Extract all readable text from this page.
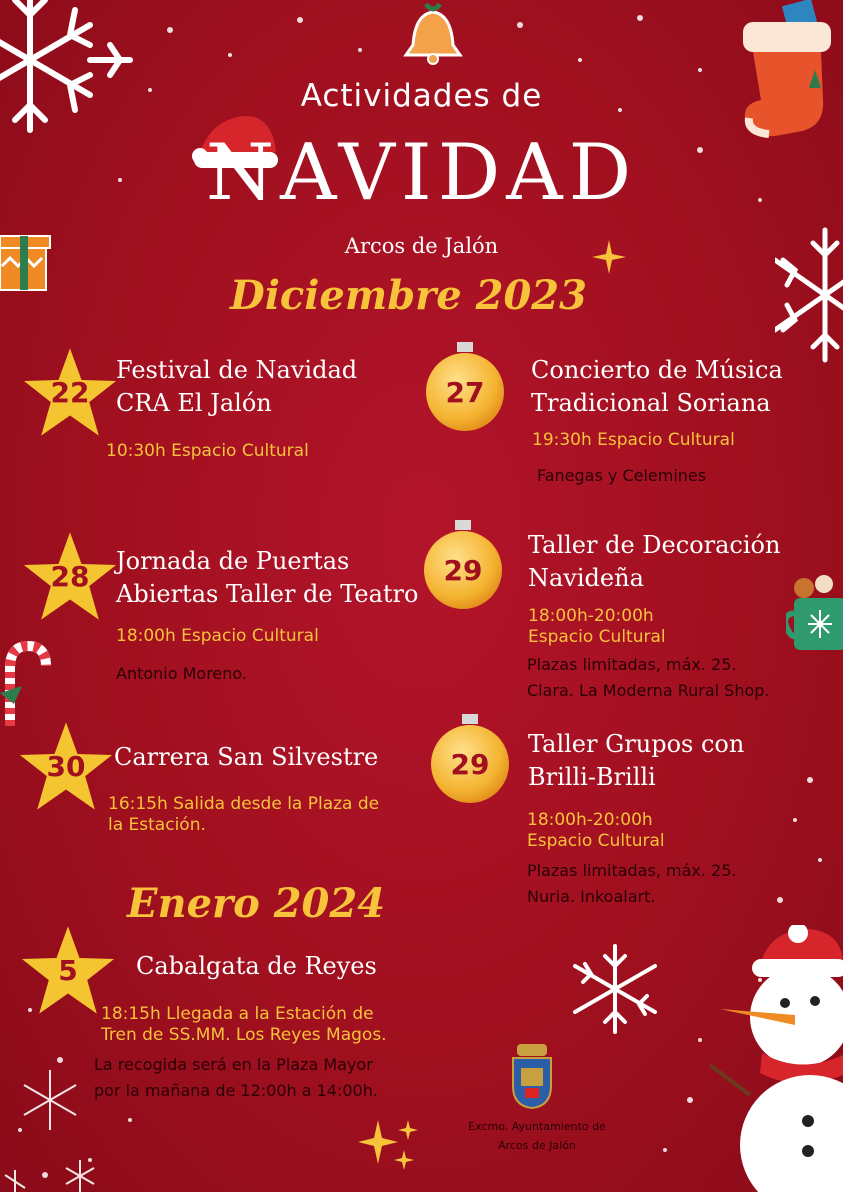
Actividades de
NAVIDAD
Arcos de Jalón
Diciembre 2023
Enero 2024
22
Festival de Navidad
CRA El Jalón
10:30h Espacio Cultural
27
Concierto de Música
Tradicional Soriana
19:30h Espacio Cultural
Fanegas y Celemines
28	Jornada de Puertas
Abiertas Taller de Teatro
18:00h Espacio Cultural
Antonio Moreno.
29
Taller de Decoración
Navideña
18:00h-20:00h
Espacio Cultural
Plazas limitadas, máx. 25.
Clara. La Moderna Rural Shop.
30	Carrera San Silvestre
16:15h Salida desde la Plaza de
la Estación.
29
Taller Grupos con
Brilli-Brilli
18:00h-20:00h
Espacio Cultural
Plazas limitadas, máx. 25.
Nuria. Inkoalart.
5	Cabalgata de Reyes
18:15h Llegada a la Estación de
Tren de SS.MM. Los Reyes Magos.
La recogida será en la Plaza Mayor
por la mañana de 12:00h a 14:00h.
Excmo. Ayuntamiento de
Arcos de Jalón
